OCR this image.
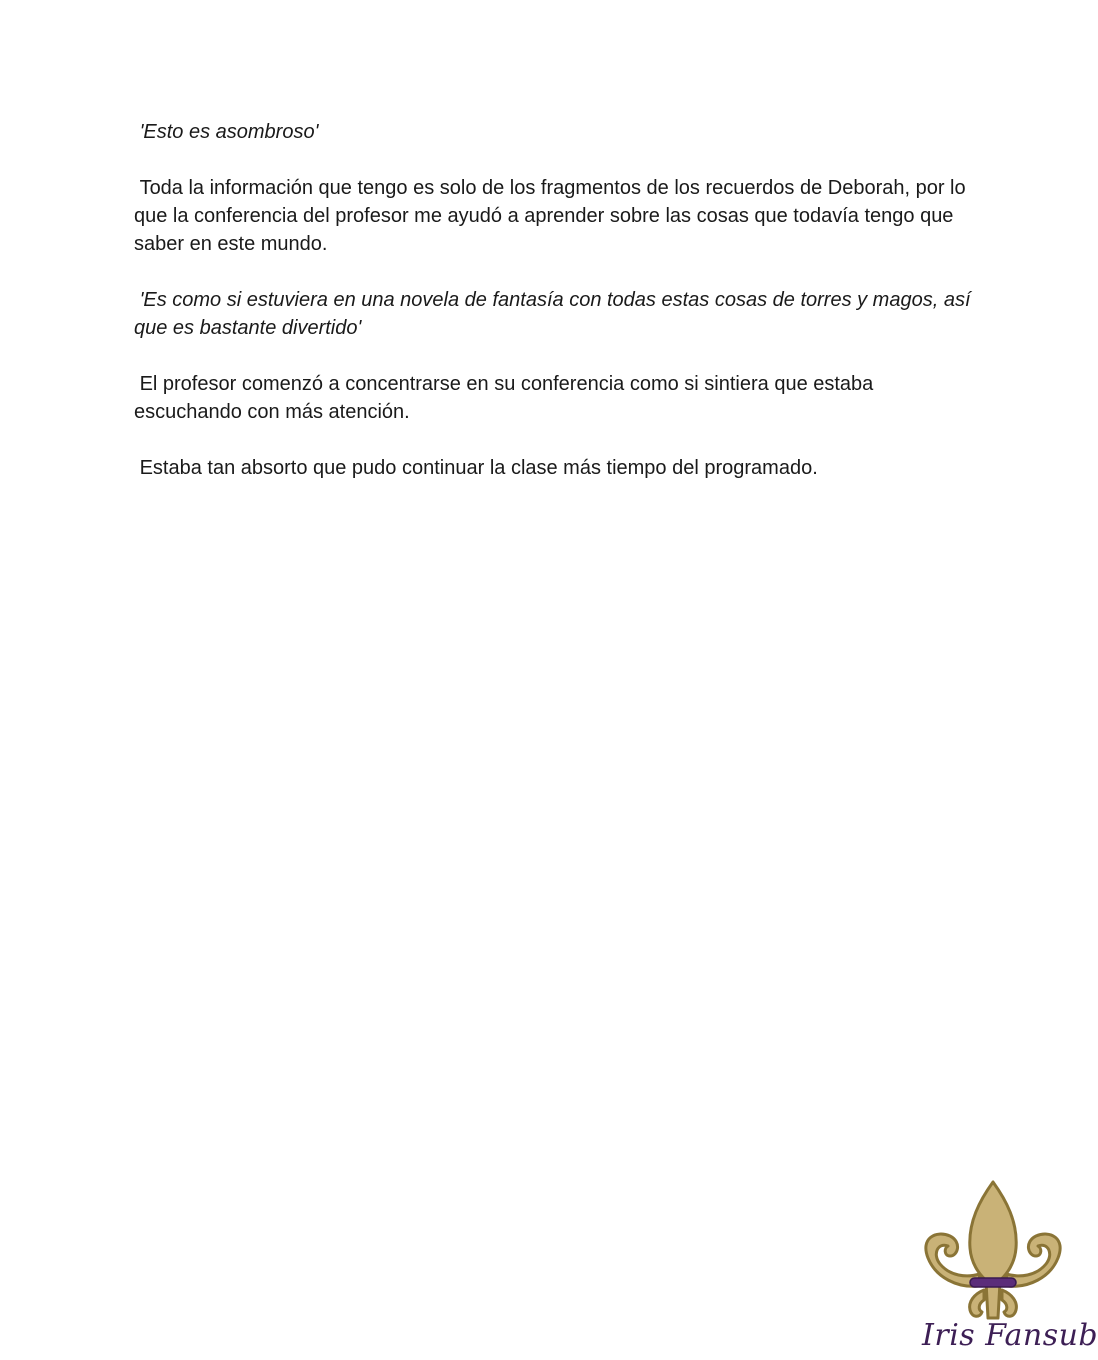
'Esto es asombroso'

Toda la información que tengo es solo de los fragmentos de los recuerdos de Deborah, por lo que la conferencia del profesor me ayudó a aprender sobre las cosas que todavía tengo que saber en este mundo.

'Es como si estuviera en una novela de fantasía con todas estas cosas de torres y magos, así que es bastante divertido'

El profesor comenzó a concentrarse en su conferencia como si sintiera que estaba escuchando con más atención.

Estaba tan absorto que pudo continuar la clase más tiempo del programado.

Iris Fansub
